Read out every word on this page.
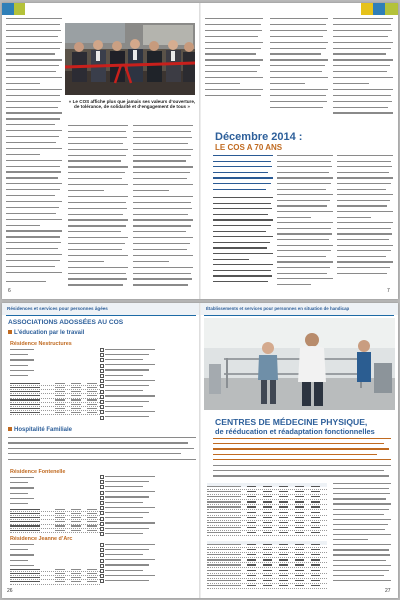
« Le COS affiche plus que jamais ses valeurs d’ouverture, de tolérance, de solidarité et d’engagement de tous »
6
Décembre 2014 :
LE COS A 70 ANS
7
Résidences et services pour personnes âgées
ASSOCIATIONS ADOSSÉES AU COS
L’éducation par le travail
Résidence Nestructures
Hospitalité Familiale
Résidence Fontenelle
Résidence Jeanne d’Arc
26
Établissements et services pour personnes en situation de handicap
CENTRES DE MÉDECINE PHYSIQUE,
de rééducation et réadaptation fonctionnelles
27
